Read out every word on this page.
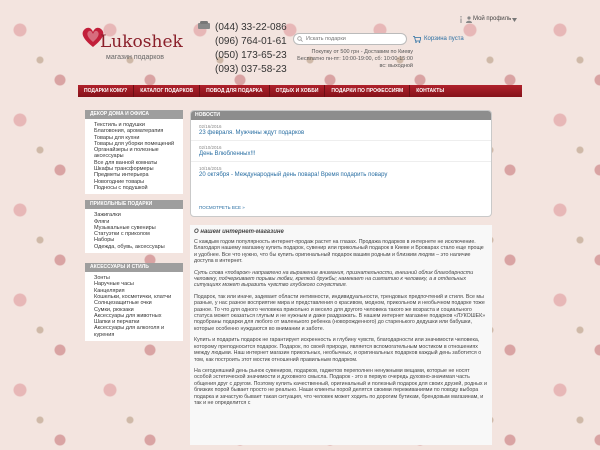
Lukoshek
магазин подарков
(044) 33-22-086
(096) 764-01-61
(050) 173-65-23
(093) 037-58-23
Искать подарки
Покупку от 500 грн - Доставим по Киеву Бесплатно пн-пт: 10:00-19:00, сб: 10:00-15:00 вс: выходной
Мой профиль
Корзина пуста
ПОДАРКИ КОМУ?	КАТАЛОГ ПОДАРКОВ	ПОВОД ДЛЯ ПОДАРКА	ОТДЫХ И ХОББИ	ПОДАРКИ ПО ПРОФЕССИЯМ	КОНТАКТЫ
ДЕКОР ДОМА И ОФИСА
Текстиль и подушки
Благовония, ароматерапия
Товары для кухни
Товары для уборки помещений
Органайзеры и полезные аксессуары
Все для ванной комнаты
Шкафы трансформеры
Предметы интерьера
Новогодние товары
Подносы с подушкой
ПРИКОЛЬНЫЕ ПОДАРКИ
Зажигалки
Фляги
Музыкальные сувениры
Статуэтки с приколом
Наборы
Одежда, обувь, аксессуары
АКСЕССУАРЫ И СТИЛЬ
Зонты
Наручные часы
Канцелярия
Кошельки, косметички, клатчи
Солнцезащитные очки
Сумки, рюкзаки
Аксессуары для животных
Шапки и перчатки
Аксессуары для алкоголя и курения
НОВОСТИ
02/16/2016
23 февраля. Мужчины ждут подарков
02/10/2016
День Влюбленных!!!
10/16/2015
20 октября - Международный день повара! Время подарить повару
ПОСМОТРЕТЬ ВСЕ »
О нашем интернет-магазине

С каждым годом популярность интернет-продаж растет на глазах. Продажа подарков в интернете не исключение. Благодаря нашему магазину купить подарок, сувенир или прикольный подарок в Киеве и Броварах стало еще проще и удобнее. Все что нужно, что бы купить оригинальный подарок вашим родным и близким людям – это наличие доступа в интернет.

Суть слова «подарок» направлено на выражение внимания, признательности, внешний облик благодарности человеку, подчеркивает порывы любви, крепкой дружбы; намекает на симпатию к человеку, а в отдельных ситуациях может выразить чувство глубокого сочувствия.

Подарок, так или иначе, задевает области интимности, индивидуальности, трендовых предпочтений и стиля. Все мы разные, у нас разное восприятие мира и представления о красивом, модном, прикольном и необычном подарке тоже разное. То что для одного человека прикольно и весело для другого человека такого же возраста и социального статуса может оказаться глупым и не нужным и даже раздражать. В нашем интернет магазине подарков «ЛУКОШЕК» подобраны подарки для любого от маленького ребенка (новорожденного) до старенького дедушки или бабушки, которые особенно нуждаются во внимании и заботе.

Купить и подарить подарок не гарантирует искренность и глубину чувств, благодарности или значимости человека, которому преподносится подарок. Подарок, по своей природе, является вспомогательным мостиком в отношениях между людьми. Наш интернет магазин прикольных, необычных, и оригинальных подарков каждый день заботится о том, как построить этот мостик отношений правильным подарком.

На сегодняшний день рынок сувениров, подарков, гаджетов переполнен ненужными вещами, которые не носят особой эстетической значимости и духовного смысла. Подарок - это в первую очередь духовно-значимая часть общения друг с другом. Поэтому купить качественный, оригинальный и полезный подарок для своих друзей, родных и близких порой бывает просто не реально. Наши клиенты порой делятся своими переживаниями по поводу выбора подарка и зачастую бывает такая ситуация, что человек может ходить по дорогим бутикам, брендовым магазинам, и так и не определится с
